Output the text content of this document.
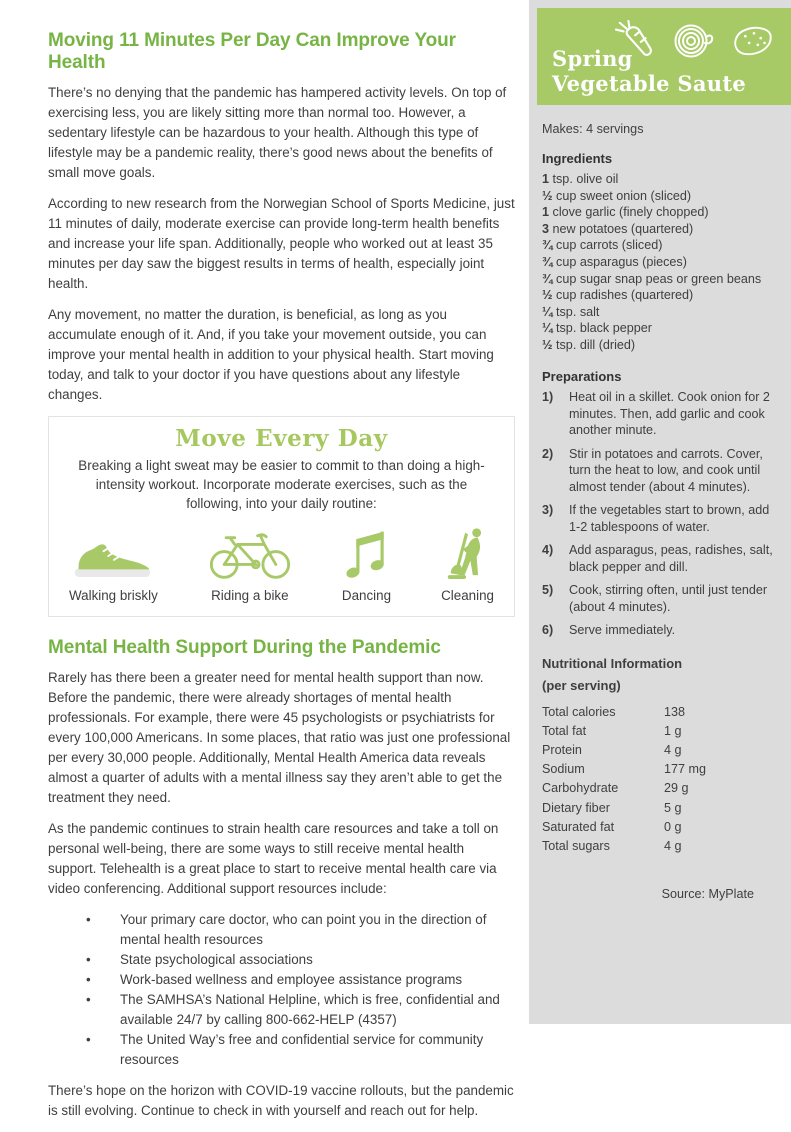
Moving 11 Minutes Per Day Can Improve Your Health

There’s no denying that the pandemic has hampered activity levels. On top of exercising less, you are likely sitting more than normal too. However, a sedentary lifestyle can be hazardous to your health. Although this type of lifestyle may be a pandemic reality, there’s good news about the benefits of small move goals.

According to new research from the Norwegian School of Sports Medicine, just 11 minutes of daily, moderate exercise can provide long-term health benefits and increase your life span. Additionally, people who worked out at least 35 minutes per day saw the biggest results in terms of health, especially joint health.

Any movement, no matter the duration, is beneficial, as long as you accumulate enough of it. And, if you take your movement outside, you can improve your mental health in addition to your physical health. Start moving today, and talk to your doctor if you have questions about any lifestyle changes.

Move Every Day

Breaking a light sweat may be easier to commit to than doing a high-intensity workout. Incorporate moderate exercises, such as the following, into your daily routine:

Walking briskly	Riding a bike	Dancing	Cleaning
Mental Health Support During the Pandemic

Rarely has there been a greater need for mental health support than now. Before the pandemic, there were already shortages of mental health professionals. For example, there were 45 psychologists or psychiatrists for every 100,000 Americans. In some places, that ratio was just one professional per every 30,000 people. Additionally, Mental Health America data reveals almost a quarter of adults with a mental illness say they aren’t able to get the treatment they need.

As the pandemic continues to strain health care resources and take a toll on personal well-being, there are some ways to still receive mental health support. Telehealth is a great place to start to receive mental health care via video conferencing. Additional support resources include:

• Your primary care doctor, who can point you in the direction of mental health resources
• State psychological associations
• Work-based wellness and employee assistance programs
• The SAMHSA’s National Helpline, which is free, confidential and available 24/7 by calling 800-662-HELP (4357)
• The United Way’s free and confidential service for community resources

There’s hope on the horizon with COVID-19 vaccine rollouts, but the pandemic is still evolving. Continue to check in with yourself and reach out for help.

Spring
Vegetable Saute

Makes: 4 servings

Ingredients
1 tsp. olive oil
½ cup sweet onion (sliced)
1 clove garlic (finely chopped)
3 new potatoes (quartered)
¾ cup carrots (sliced)
¾ cup asparagus (pieces)
¾ cup sugar snap peas or green beans
½ cup radishes (quartered)
¼ tsp. salt
¼ tsp. black pepper
½ tsp. dill (dried)
Preparations
1)	Heat oil in a skillet. Cook onion for 2 minutes. Then, add garlic and cook another minute.
2)	Stir in potatoes and carrots. Cover, turn the heat to low, and cook until almost tender (about 4 minutes).
3)	If the vegetables start to brown, add 1-2 tablespoons of water.
4)	Add asparagus, peas, radishes, salt, black pepper and dill.
5)	Cook, stirring often, until just tender (about 4 minutes).
6)	Serve immediately.
Nutritional Information
(per serving)
Total calories	138
Total fat	1 g
Protein	4 g
Sodium	177 mg
Carbohydrate	29 g
Dietary fiber	5 g
Saturated fat	0 g
Total sugars	4 g

Source: MyPlate
